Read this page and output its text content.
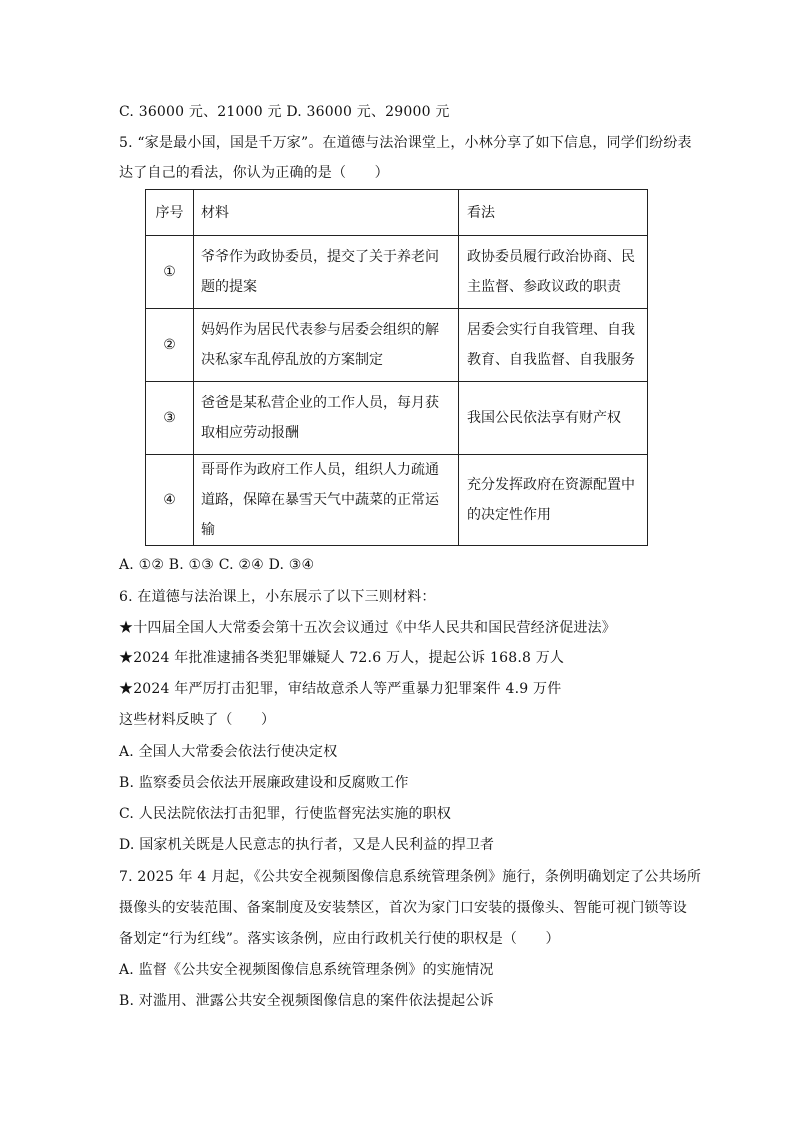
C. 36000 元、21000 元 D. 36000 元、29000 元
5. “家是最小国，国是千万家”。在道德与法治课堂上，小林分享了如下信息，同学们纷纷表
达了自己的看法，你认为正确的是（　　）
序号	材料	看法
①	爷爷作为政协委员，提交了关于养老问题的提案	政协委员履行政治协商、民主监督、参政议政的职责
②	妈妈作为居民代表参与居委会组织的解决私家车乱停乱放的方案制定	居委会实行自我管理、自我教育、自我监督、自我服务
③	爸爸是某私营企业的工作人员，每月获取相应劳动报酬	我国公民依法享有财产权
④	哥哥作为政府工作人员，组织人力疏通道路，保障在暴雪天气中蔬菜的正常运输	充分发挥政府在资源配置中的决定性作用
A. ①② B. ①③ C. ②④ D. ③④
6. 在道德与法治课上，小东展示了以下三则材料：
★十四届全国人大常委会第十五次会议通过《中华人民共和国民营经济促进法》
★2024 年批准逮捕各类犯罪嫌疑人 72.6 万人，提起公诉 168.8 万人
★2024 年严厉打击犯罪，审结故意杀人等严重暴力犯罪案件 4.9 万件
这些材料反映了（　　）
A. 全国人大常委会依法行使决定权
B. 监察委员会依法开展廉政建设和反腐败工作
C. 人民法院依法打击犯罪，行使监督宪法实施的职权
D. 国家机关既是人民意志的执行者，又是人民利益的捍卫者
7. 2025 年 4 月起，《公共安全视频图像信息系统管理条例》施行，条例明确划定了公共场所
摄像头的安装范围、备案制度及安装禁区，首次为家门口安装的摄像头、智能可视门锁等设
备划定“行为红线”。落实该条例，应由行政机关行使的职权是（　　）
A. 监督《公共安全视频图像信息系统管理条例》的实施情况
B. 对滥用、泄露公共安全视频图像信息的案件依法提起公诉
